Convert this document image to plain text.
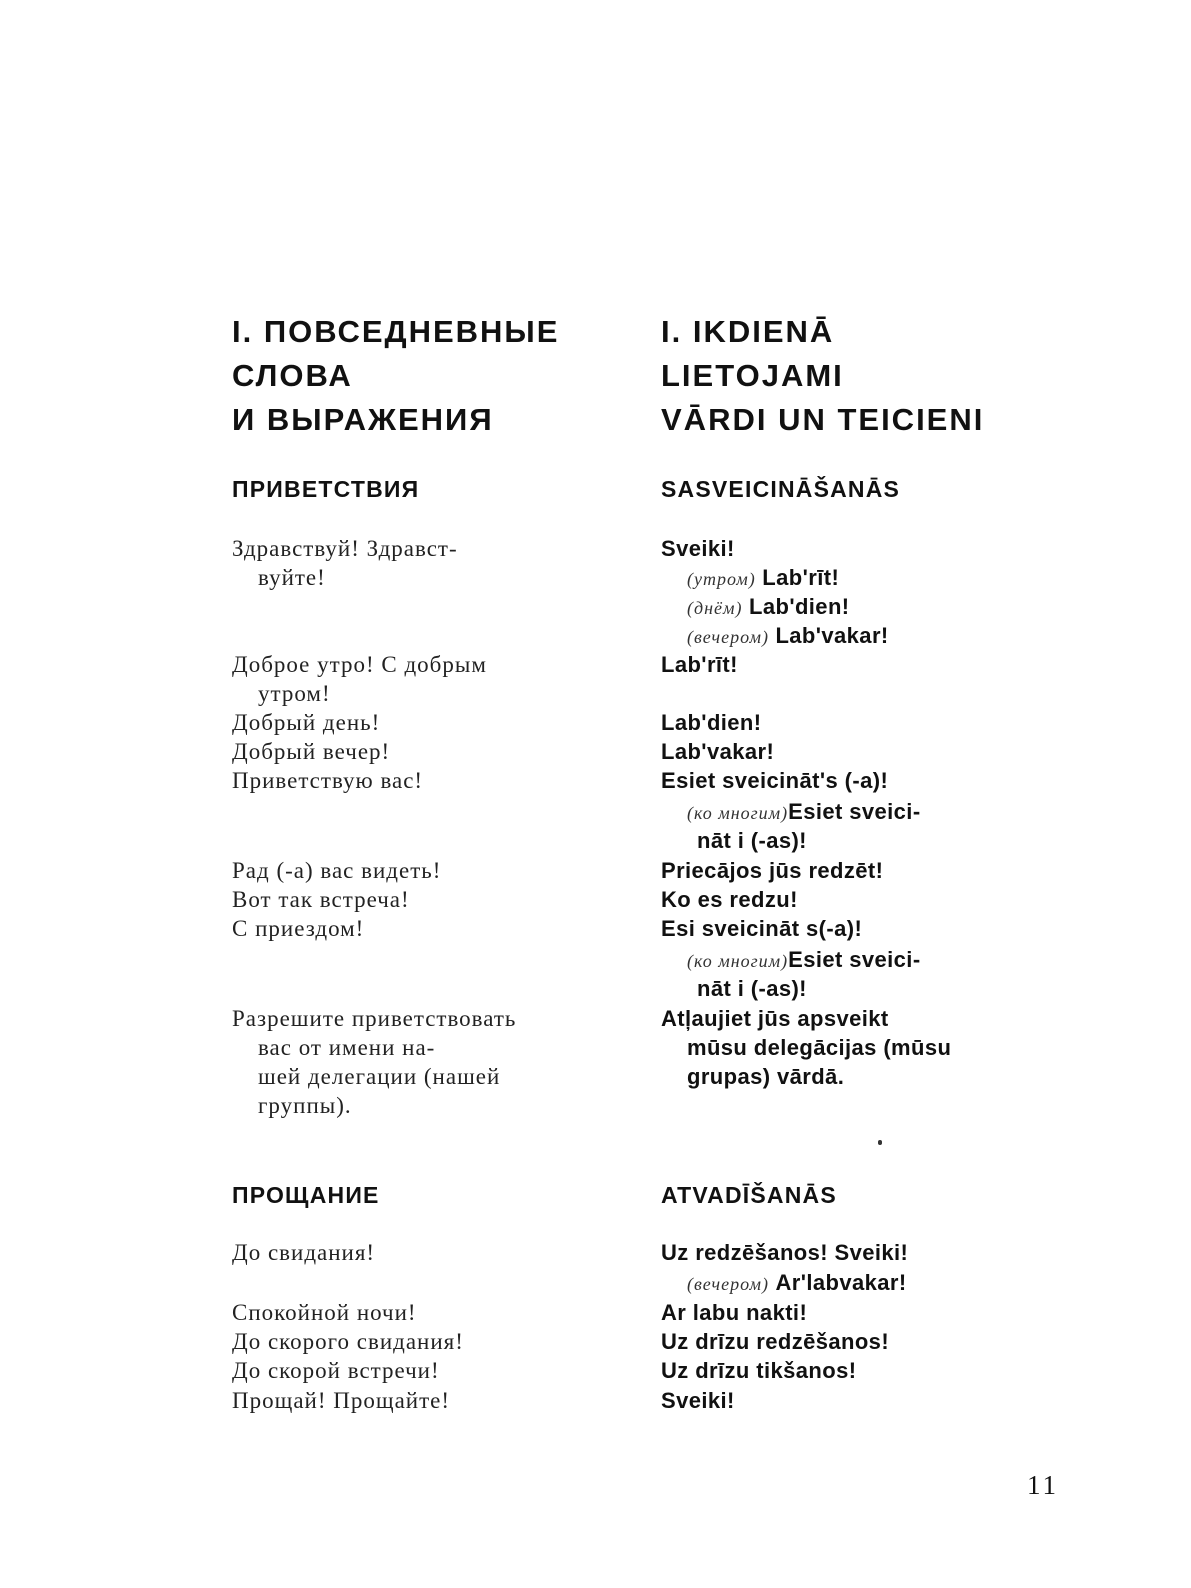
I. ПОВСЕДНЕВНЫЕ
СЛОВА
И ВЫРАЖЕНИЯ
ПРИВЕТСТВИЯ
Здравствуй! Здравст-
вуйте!
Доброе утро! С добрым
утром!
Добрый день!
Добрый вечер!
Приветствую вас!
Рад (-а) вас видеть!
Вот так встреча!
С приездом!
Разрешите приветствовать
вас от имени на-
шей делегации (нашей
группы).
ПРОЩАНИЕ
До свидания!
Спокойной ночи!
До скорого свидания!
До скорой встречи!
Прощай! Прощайте!
I. IKDIENĀ
LIETOJAMI
VĀRDI UN TEICIENI
SASVEICINĀŠANĀS
Sveiki!
(утром) Lab'rīt!
(днём) Lab'dien!
(вечером) Lab'vakar!
Lab'rīt!
Lab'dien!
Lab'vakar!
Esiet sveicināt's (-a)!
(ко многим)Esiet sveici-
nāt i (-as)!
Priecājos jūs redzēt!
Ko es redzu!
Esi sveicināt s(-a)!
(ко многим)Esiet sveici-
nāt i (-as)!
Atļaujiet jūs apsveikt
mūsu delegācijas (mūsu
grupas) vārdā.
ATVADĪŠANĀS
Uz redzēšanos! Sveiki!
(вечером) Ar'labvakar!
Ar labu nakti!
Uz drīzu redzēšanos!
Uz drīzu tikšanos!
Sveiki!
11
